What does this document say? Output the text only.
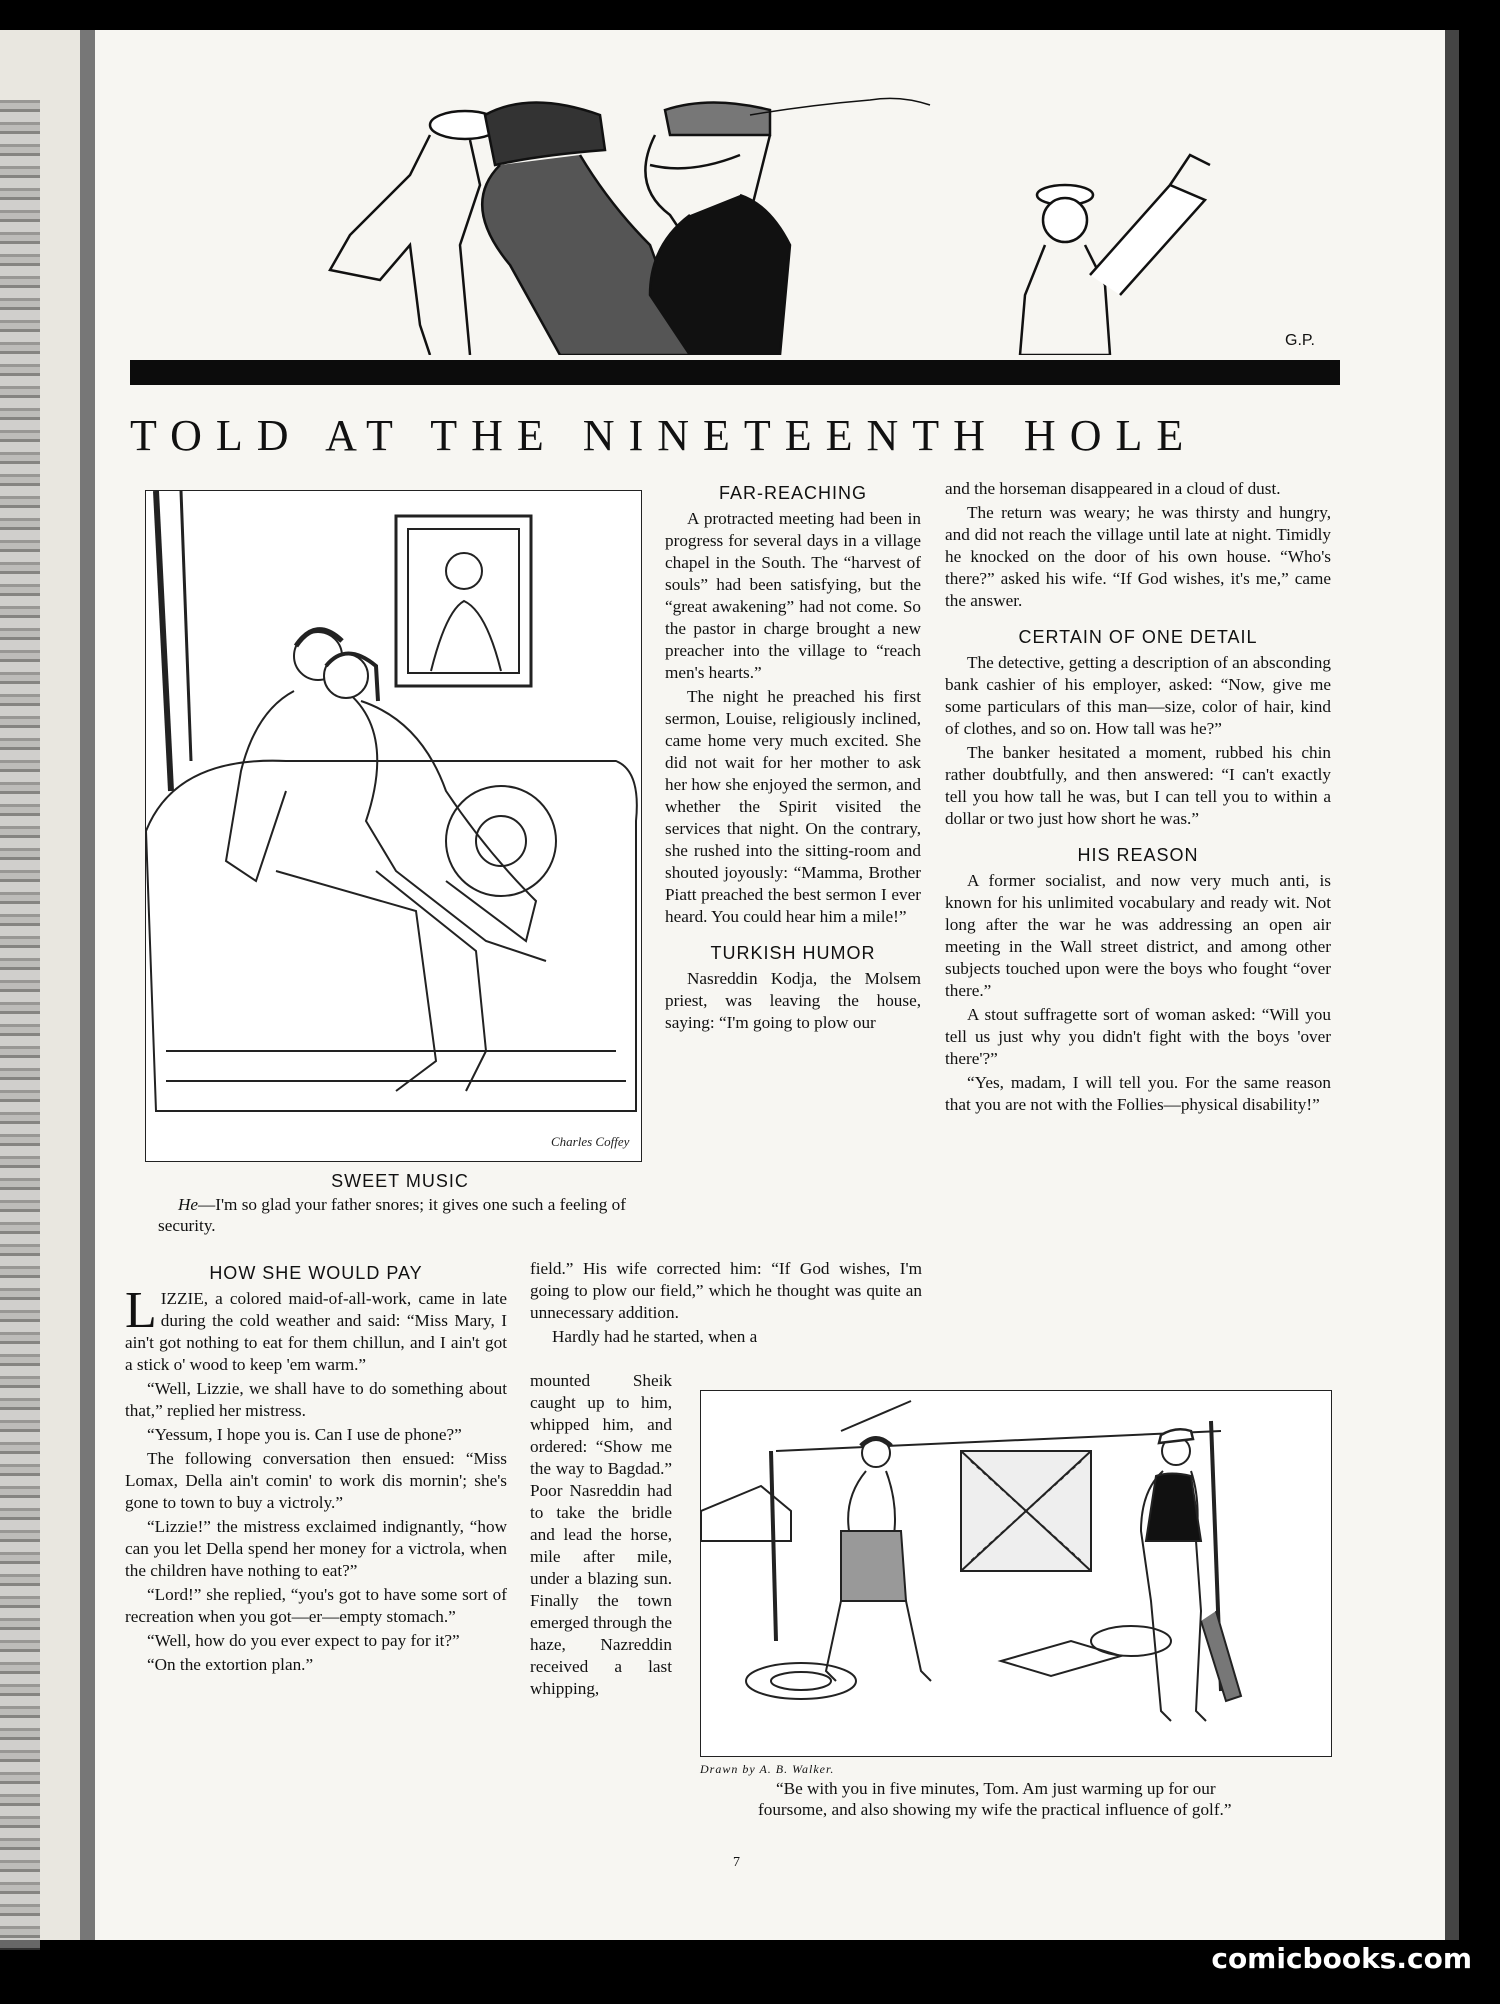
G.P.
TOLD AT THE NINETEENTH HOLE
Charles Coffey
SWEET MUSIC
He—I'm so glad your father snores; it gives one such a feeling of security.
HOW SHE WOULD PAY

LIZZIE, a colored maid-of-all-work, came in late during the cold weather and said: “Miss Mary, I ain't got nothing to eat for them chillun, and I ain't got a stick o' wood to keep 'em warm.”

“Well, Lizzie, we shall have to do something about that,” replied her mistress.

“Yessum, I hope you is. Can I use de phone?”

The following conversation then ensued: “Miss Lomax, Della ain't comin' to work dis mornin'; she's gone to town to buy a victroly.”

“Lizzie!” the mistress exclaimed indignantly, “how can you let Della spend her money for a victrola, when the children have nothing to eat?”

“Lord!” she replied, “you's got to have some sort of recreation when you got—er—empty stomach.”

“Well, how do you ever expect to pay for it?”

“On the extortion plan.”

FAR-REACHING

A protracted meeting had been in progress for several days in a village chapel in the South. The “harvest of souls” had been satisfying, but the “great awakening” had not come. So the pastor in charge brought a new preacher into the village to “reach men's hearts.”

The night he preached his first sermon, Louise, religiously inclined, came home very much excited. She did not wait for her mother to ask her how she enjoyed the sermon, and whether the Spirit visited the services that night. On the contrary, she rushed into the sitting-room and shouted joyously: “Mamma, Brother Piatt preached the best sermon I ever heard. You could hear him a mile!”

TURKISH HUMOR

Nasreddin Kodja, the Molsem priest, was leaving the house, saying: “I'm going to plow our

field.” His wife corrected him: “If God wishes, I'm going to plow our field,” which he thought was quite an unnecessary addition.

Hardly had he started, when a

mounted Sheik caught up to him, whipped him, and ordered: “Show me the way to Bagdad.” Poor Nasreddin had to take the bridle and lead the horse, mile after mile, under a blazing sun. Finally the town emerged through the haze, Nazreddin received a last whipping,

and the horseman disappeared in a cloud of dust.

The return was weary; he was thirsty and hungry, and did not reach the village until late at night. Timidly he knocked on the door of his own house. “Who's there?” asked his wife. “If God wishes, it's me,” came the answer.

CERTAIN OF ONE DETAIL

The detective, getting a description of an absconding bank cashier of his employer, asked: “Now, give me some particulars of this man—size, color of hair, kind of clothes, and so on. How tall was he?”

The banker hesitated a moment, rubbed his chin rather doubtfully, and then answered: “I can't exactly tell you how tall he was, but I can tell you to within a dollar or two just how short he was.”

HIS REASON

A former socialist, and now very much anti, is known for his unlimited vocabulary and ready wit. Not long after the war he was addressing an open air meeting in the Wall street district, and among other subjects touched upon were the boys who fought “over there.”

A stout suffragette sort of woman asked: “Will you tell us just why you didn't fight with the boys 'over there'?”

“Yes, madam, I will tell you. For the same reason that you are not with the Follies—physical disability!”

Drawn by A. B. Walker.
“Be with you in five minutes, Tom. Am just warming up for our foursome, and also showing my wife the practical influence of golf.”
7
comicbooks.com
